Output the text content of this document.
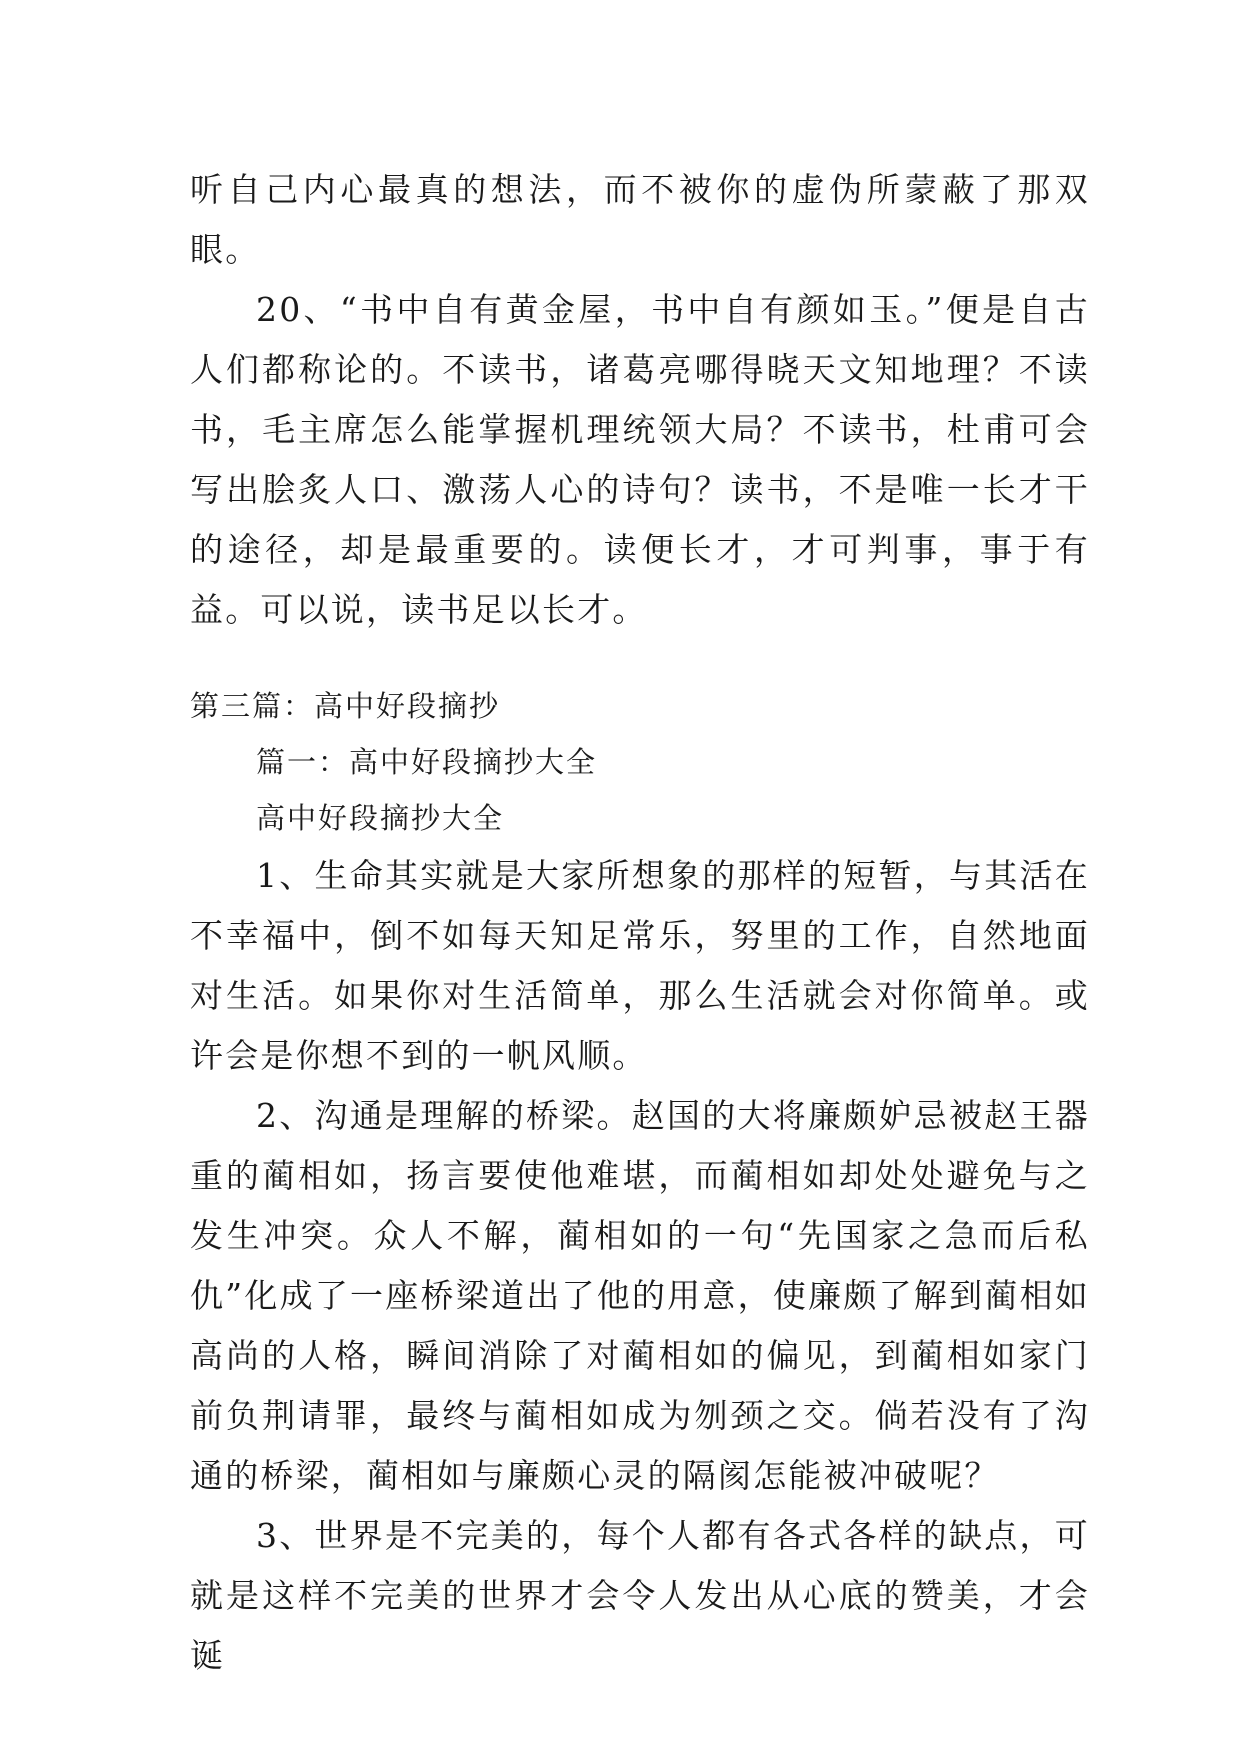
听自己内心最真的想法，而不被你的虚伪所蒙蔽了那双眼。

20、“书中自有黄金屋，书中自有颜如玉。”便是自古人们都称论的。不读书，诸葛亮哪得晓天文知地理？不读书，毛主席怎么能掌握机理统领大局？不读书，杜甫可会写出脍炙人口、激荡人心的诗句？读书，不是唯一长才干的途径，却是最重要的。读便长才，才可判事，事于有益。可以说，读书足以长才。

第三篇：高中好段摘抄

篇一：高中好段摘抄大全

高中好段摘抄大全

1、生命其实就是大家所想象的那样的短暂，与其活在不幸福中，倒不如每天知足常乐，努里的工作，自然地面对生活。如果你对生活简单，那么生活就会对你简单。或许会是你想不到的一帆风顺。

2、沟通是理解的桥梁。赵国的大将廉颇妒忌被赵王器重的蔺相如，扬言要使他难堪，而蔺相如却处处避免与之发生冲突。众人不解，蔺相如的一句“先国家之急而后私仇”化成了一座桥梁道出了他的用意，使廉颇了解到蔺相如高尚的人格，瞬间消除了对蔺相如的偏见，到蔺相如家门前负荆请罪，最终与蔺相如成为刎颈之交。倘若没有了沟通的桥梁，蔺相如与廉颇心灵的隔阂怎能被冲破呢？

3、世界是不完美的，每个人都有各式各样的缺点，可就是这样不完美的世界才会令人发出从心底的赞美，才会诞
